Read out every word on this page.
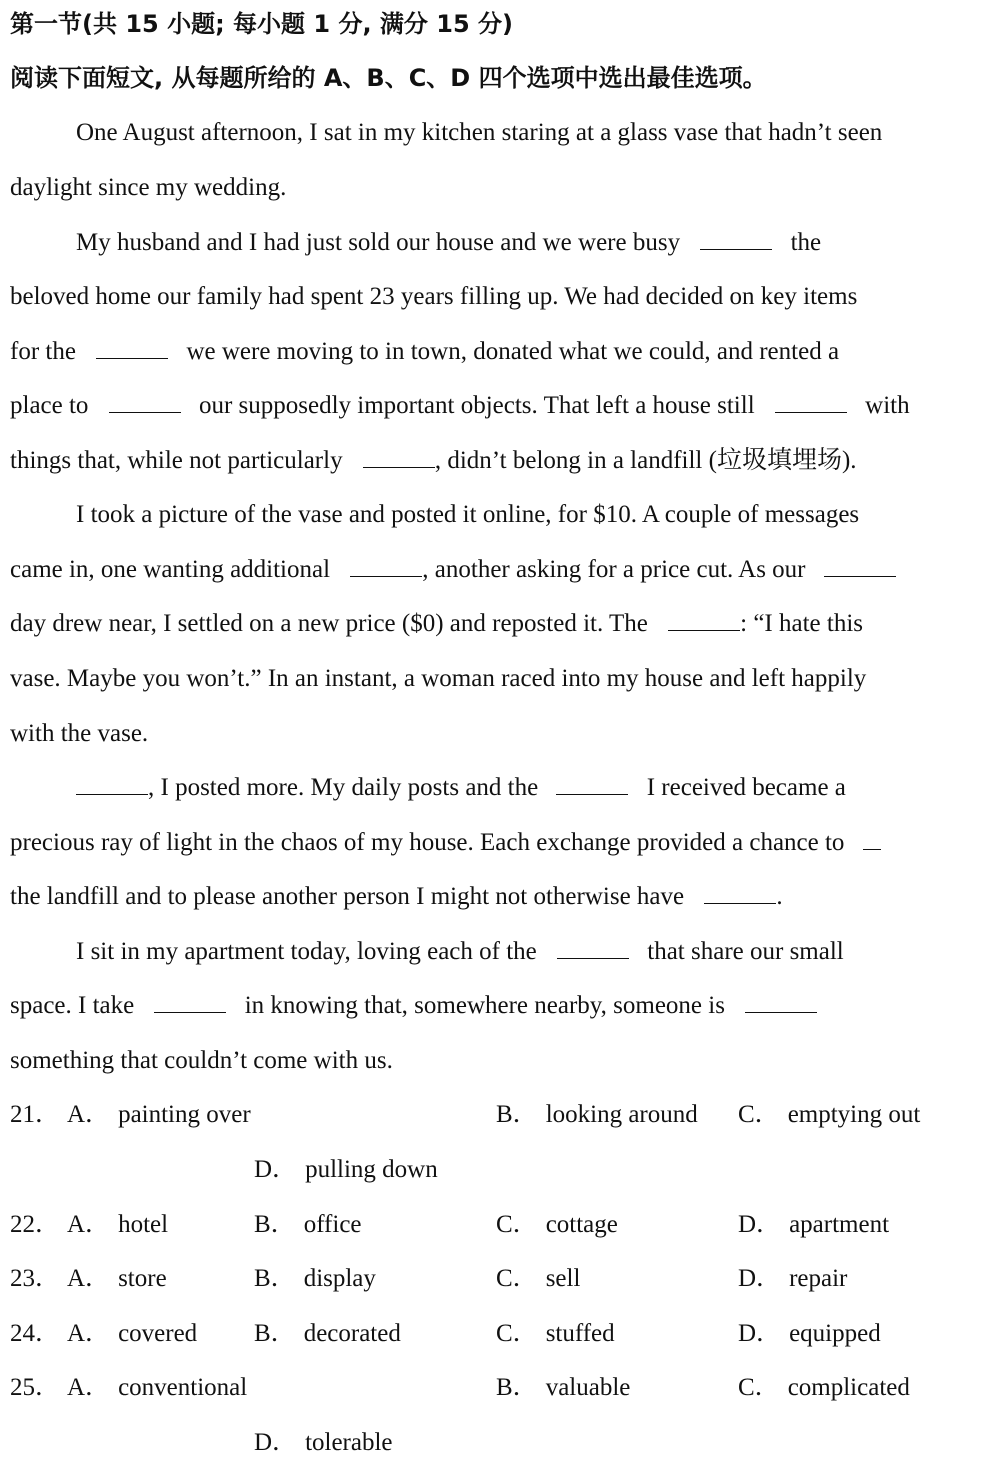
第一节(共 15 小题; 每小题 1 分, 满分 15 分)
阅读下面短文, 从每题所给的 A、B、C、D 四个选项中选出最佳选项。
One August afternoon, I sat in my kitchen staring at a glass vase that hadn’t seen
daylight since my wedding.
My husband and I had just sold our house and we were busy	the
beloved home our family had spent 23 years filling up. We had decided on key items
for the	we were moving to in town, donated what we could, and rented a
place to	our supposedly important objects. That left a house still	with
things that, while not particularly	, didn’t belong in a landfill (垃圾填埋场).
I took a picture of the vase and posted it online, for $10. A couple of messages
came in, one wanting additional	, another asking for a price cut. As our
day drew near, I settled on a new price ($0) and reposted it. The	: “I hate this
vase. Maybe you won’t.” In an instant, a woman raced into my house and left happily
with the vase.
, I posted more. My daily posts and the	I received became a
precious ray of light in the chaos of my house. Each exchange provided a chance to
the landfill and to please another person I might not otherwise have	.
I sit in my apartment today, loving each of the	that share our small
space. I take	in knowing that, somewhere nearby, someone is
something that couldn’t come with us.
21． A． painting over	B． looking around C． emptying out
D． pulling down
22． A． hotel	B． office	C． cottage	D． apartment
23． A． store	B． display	C． sell	D． repair
24． A． covered B． decorated	C． stuffed	D． equipped
25． A． conventional	B． valuable	C． complicated
D． tolerable
